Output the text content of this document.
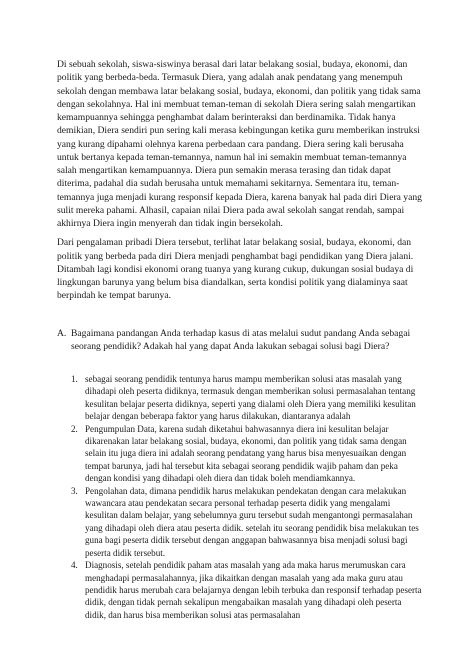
Di sebuah sekolah, siswa-siswinya berasal dari latar belakang sosial, budaya, ekonomi, dan politik yang berbeda-beda. Termasuk Diera, yang adalah anak pendatang yang menempuh sekolah dengan membawa latar belakang sosial, budaya, ekonomi, dan politik yang tidak sama dengan sekolahnya. Hal ini membuat teman-teman di sekolah Diera sering salah mengartikan kemampuannya sehingga penghambat dalam berinteraksi dan berdinamika. Tidak hanya demikian, Diera sendiri pun sering kali merasa kebingungan ketika guru memberikan instruksi yang kurang dipahami olehnya karena perbedaan cara pandang. Diera sering kali berusaha untuk bertanya kepada teman-temannya, namun hal ini semakin membuat teman-temannya salah mengartikan kemampuannya. Diera pun semakin merasa terasing dan tidak dapat diterima, padahal dia sudah berusaha untuk memahami sekitarnya. Sementara itu, teman-temannya juga menjadi kurang responsif kepada Diera, karena banyak hal pada diri Diera yang sulit mereka pahami. Alhasil, capaian nilai Diera pada awal sekolah sangat rendah, sampai akhirnya Diera ingin menyerah dan tidak ingin bersekolah.

Dari pengalaman pribadi Diera tersebut, terlihat latar belakang sosial, budaya, ekonomi, dan politik yang berbeda pada diri Diera menjadi penghambat bagi pendidikan yang Diera jalani. Ditambah lagi kondisi ekonomi orang tuanya yang kurang cukup, dukungan sosial budaya di lingkungan barunya yang belum bisa diandalkan, serta kondisi politik yang dialaminya saat berpindah ke tempat barunya.

A. Bagaimana pandangan Anda terhadap kasus di atas melalui sudut pandang Anda sebagai seorang pendidik? Adakah hal yang dapat Anda lakukan sebagai solusi bagi Diera?
1. sebagai seorang pendidik tentunya harus mampu memberikan solusi atas masalah yang dihadapi oleh peserta didiknya, termasuk dengan memberikan solusi permasalahan tentang kesulitan belajar peserta didiknya, seperti yang dialami oleh Diera yang memiliki kesulitan belajar dengan beberapa faktor yang harus dilakukan, diantaranya adalah
2. Pengumpulan Data, karena sudah diketahui bahwasannya diera ini kesulitan belajar dikarenakan latar belakang sosial, budaya, ekonomi, dan politik yang tidak sama dengan selain itu juga diera ini adalah seorang pendatang yang harus bisa menyesuaikan dengan tempat barunya, jadi hal tersebut kita sebagai seorang pendidik wajib paham dan peka dengan kondisi yang dihadapi oleh diera dan tidak boleh mendiamkannya.
3. Pengolahan data, dimana pendidik harus melakukan pendekatan dengan cara melakukan wawancara atau pendekatan secara personal terhadap peserta didik yang mengalami kesulitan dalam belajar, yang sebelumnya guru tersebut sudah mengantongi permasalahan yang dihadapi oleh diera atau peserta didik. setelah itu seorang pendidik bisa melakukan tes guna bagi peserta didik tersebut dengan anggapan bahwasannya bisa menjadi solusi bagi peserta didik tersebut.
4. Diagnosis, setelah pendidik paham atas masalah yang ada maka harus merumuskan cara menghadapi permasalahannya, jika dikaitkan dengan masalah yang ada maka guru atau pendidik harus merubah cara belajarnya dengan lebih terbuka dan responsif terhadap peserta didik, dengan tidak pernah sekalipun mengabaikan masalah yang dihadapi oleh peserta didik, dan harus bisa memberikan solusi atas permasalahan
